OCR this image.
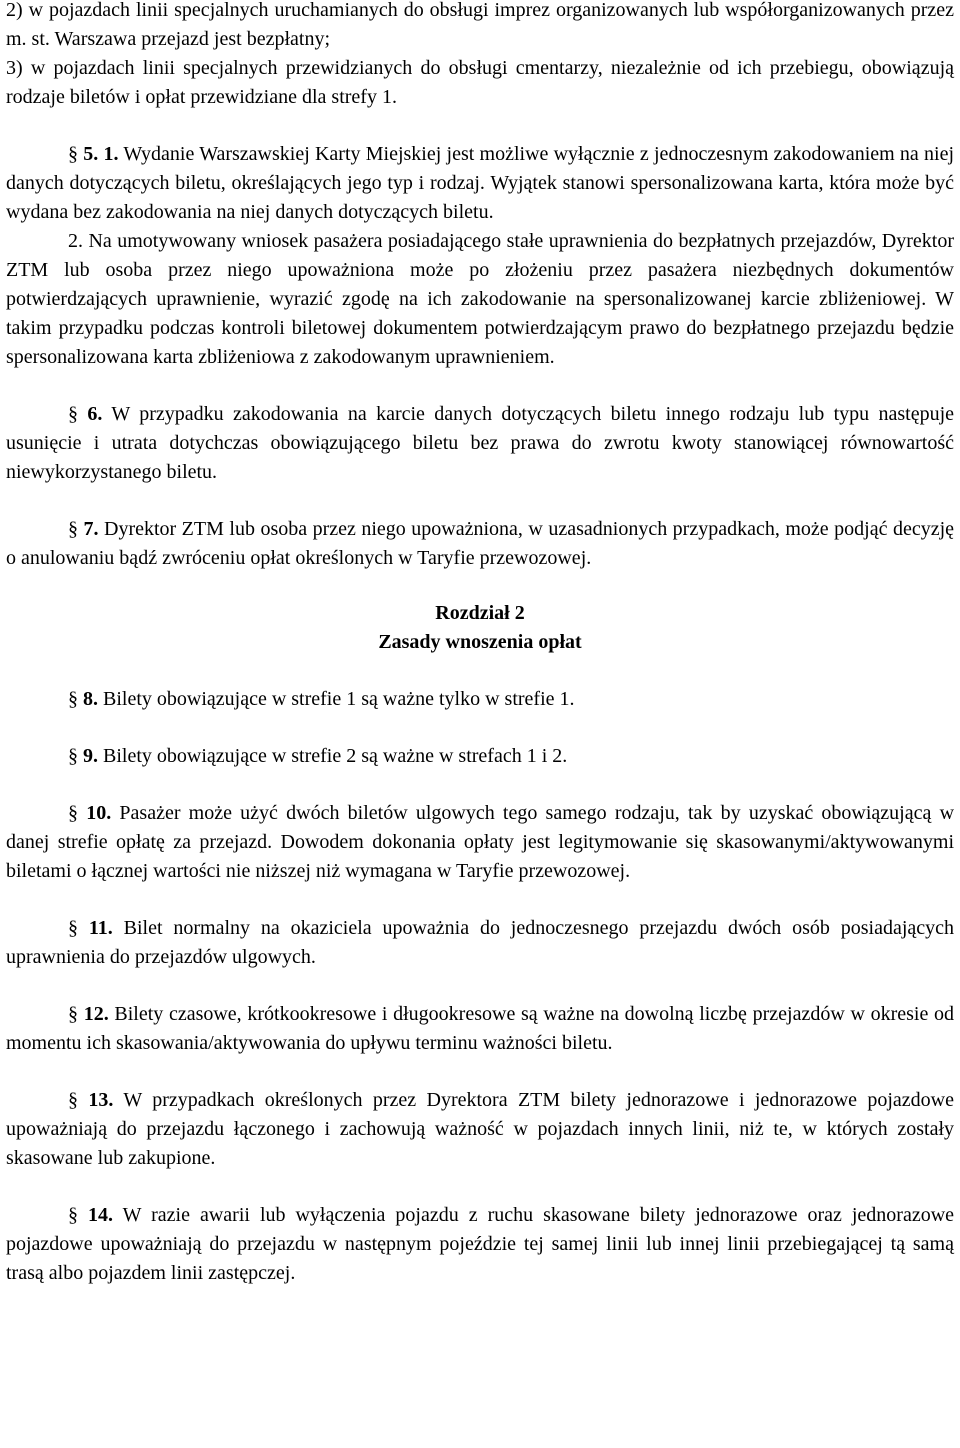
2) w pojazdach linii specjalnych uruchamianych do obsługi imprez organizowanych lub współorganizowanych przez m. st. Warszawa przejazd jest bezpłatny;

3) w pojazdach linii specjalnych przewidzianych do obsługi cmentarzy, niezależnie od ich przebiegu, obowiązują rodzaje biletów i opłat przewidziane dla strefy 1.

§ 5. 1. Wydanie Warszawskiej Karty Miejskiej jest możliwe wyłącznie z jednoczesnym zakodowaniem na niej danych dotyczących biletu, określających jego typ i rodzaj. Wyjątek stanowi spersonalizowana karta, która może być wydana bez zakodowania na niej danych dotyczących biletu.

2. Na umotywowany wniosek pasażera posiadającego stałe uprawnienia do bezpłatnych przejazdów, Dyrektor ZTM lub osoba przez niego upoważniona może po złożeniu przez pasażera niezbędnych dokumentów potwierdzających uprawnienie, wyrazić zgodę na ich zakodowanie na spersonalizowanej karcie zbliżeniowej. W takim przypadku podczas kontroli biletowej dokumentem potwierdzającym prawo do bezpłatnego przejazdu będzie spersonalizowana karta zbliżeniowa z zakodowanym uprawnieniem.

§ 6. W przypadku zakodowania na karcie danych dotyczących biletu innego rodzaju lub typu następuje usunięcie i utrata dotychczas obowiązującego biletu bez prawa do zwrotu kwoty stanowiącej równowartość niewykorzystanego biletu.

§ 7. Dyrektor ZTM lub osoba przez niego upoważniona, w uzasadnionych przypadkach, może podjąć decyzję o anulowaniu bądź zwróceniu opłat określonych w Taryfie przewozowej.

Rozdział 2

Zasady wnoszenia opłat

§ 8. Bilety obowiązujące w strefie 1 są ważne tylko w strefie 1.

§ 9. Bilety obowiązujące w strefie 2 są ważne w strefach 1 i 2.

§ 10. Pasażer może użyć dwóch biletów ulgowych tego samego rodzaju, tak by uzyskać obowiązującą w danej strefie opłatę za przejazd. Dowodem dokonania opłaty jest legitymowanie się skasowanymi/aktywowanymi biletami o łącznej wartości nie niższej niż wymagana w Taryfie przewozowej.

§ 11. Bilet normalny na okaziciela upoważnia do jednoczesnego przejazdu dwóch osób posiadających uprawnienia do przejazdów ulgowych.

§ 12. Bilety czasowe, krótkookresowe i długookresowe są ważne na dowolną liczbę przejazdów w okresie od momentu ich skasowania/aktywowania do upływu terminu ważności biletu.

§ 13. W przypadkach określonych przez Dyrektora ZTM bilety jednorazowe i jednorazowe pojazdowe upoważniają do przejazdu łączonego i zachowują ważność w pojazdach innych linii, niż te, w których zostały skasowane lub zakupione.

§ 14. W razie awarii lub wyłączenia pojazdu z ruchu skasowane bilety jednorazowe oraz jednorazowe pojazdowe upoważniają do przejazdu w następnym pojeździe tej samej linii lub innej linii przebiegającej tą samą trasą albo pojazdem linii zastępczej.
